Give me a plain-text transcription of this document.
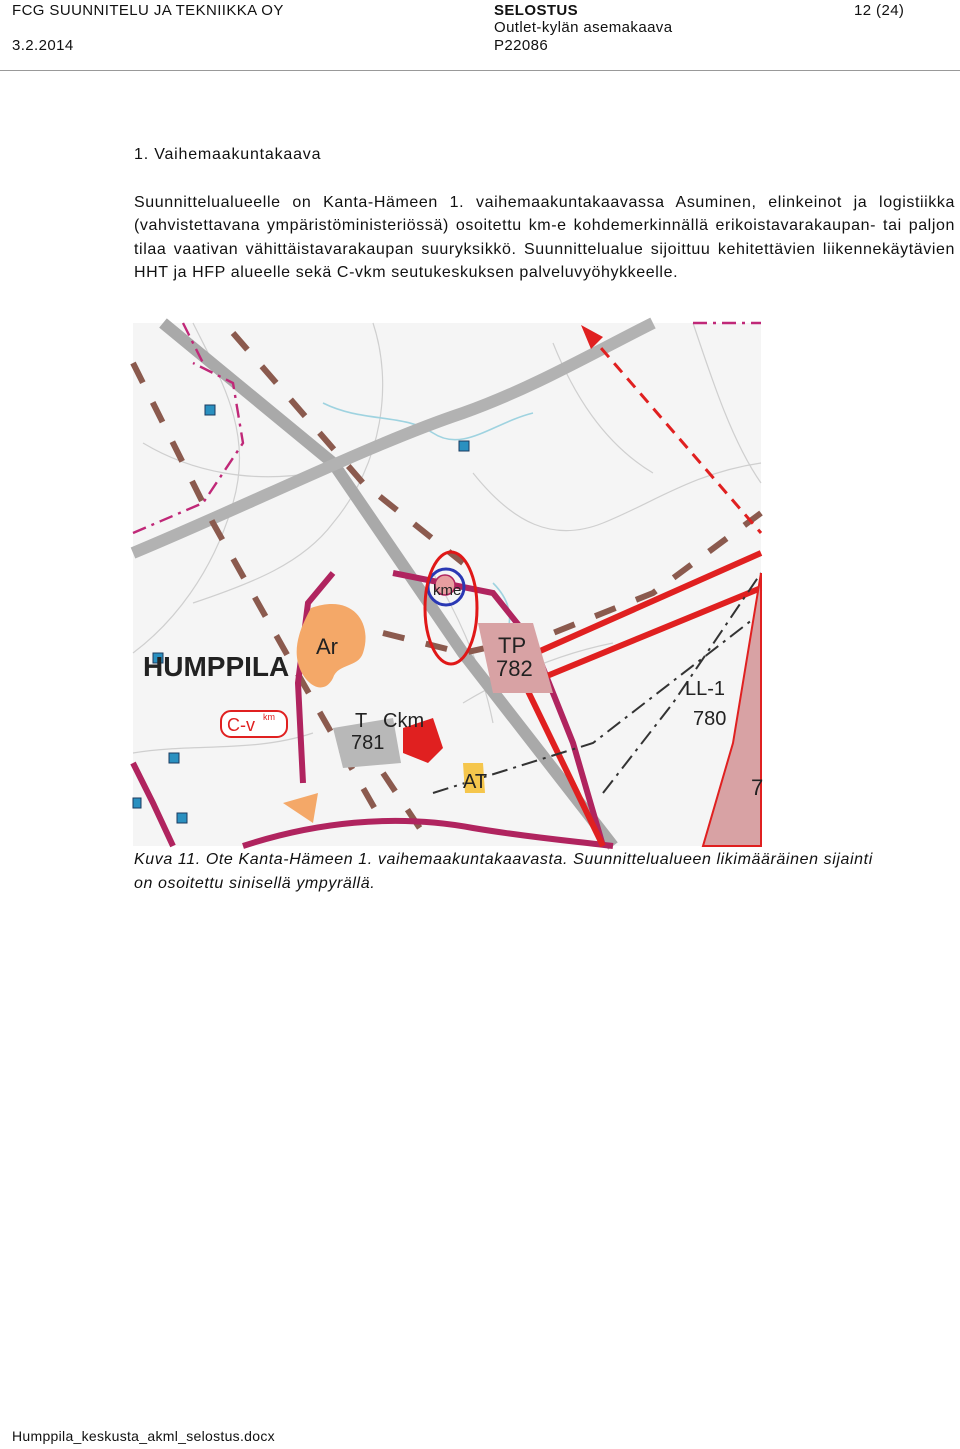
FCG SUUNNITELU JA TEKNIIKKA OY
3.2.2014
SELOSTUS
Outlet-kylän asemakaava
P22086
12 (24)
1. Vaihemaakuntakaava
Suunnittelualueelle on Kanta-Hämeen 1. vaihemaakuntakaavassa Asuminen, elinkeinot ja logistiikka (vahvistettavana ympäristöministeriössä) osoitettu km-e kohdemerkinnällä erikoistavarakaupan- tai paljon tilaa vaativan vähittäistavarakaupan suuryksikkö. Suunnittelualue sijoittuu kehitettävien liikennekäytävien HHT ja HFP alueelle sekä C-vkm seutukeskuksen palveluvyöhykkeelle.
HUMPPILA
Ar
kme
TP
782
LL-1
780
T Ckm
781
AT
C-v km
7
Kuva 11. Ote Kanta-Hämeen 1. vaihemaakuntakaavasta. Suunnittelualueen likimääräinen sijainti on osoitettu sinisellä ympyrällä.
Humppila_keskusta_akml_selostus.docx
